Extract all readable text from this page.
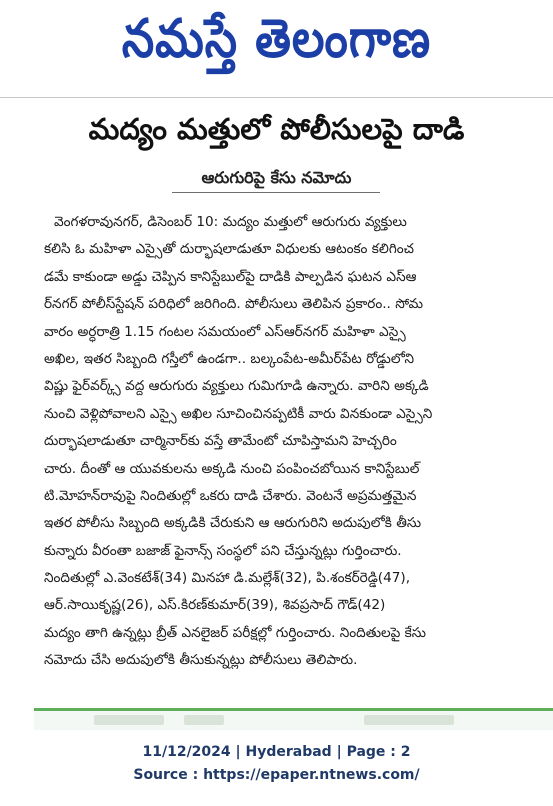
నమస్తే తెలంగాణ
మద్యం మత్తులో పోలీసులపై దాడి
ఆరుగురిపై కేసు నమోదు
వెంగళరావునగర్, డిసెంబర్ 10: మద్యం మత్తులో ఆరుగురు వ్యక్తులు
కలిసి ఓ మహిళా ఎస్సైతో దుర్భాషలాడుతూ విధులకు ఆటంకం కలిగించ
డమే కాకుండా అడ్డు చెప్పిన కానిస్టేబుల్‌పై దాడికి పాల్పడిన ఘటన ఎస్‌ఆ
ర్‌నగర్ పోలీస్‌స్టేషన్ పరిధిలో జరిగింది. పోలీసులు తెలిపిన ప్రకారం.. సోమ
వారం అర్ధరాత్రి 1.15 గంటల సమయంలో ఎస్‌ఆర్‌నగర్ మహిళా ఎస్సై
అఖిల, ఇతర సిబ్బంది గస్తీలో ఉండగా.. బల్కంపేట-అమీర్‌పేట రోడ్డులోని
విష్ణు ఫైర్‌వర్క్స్ వద్ద ఆరుగురు వ్యక్తులు గుమిగూడి ఉన్నారు. వారిని అక్కడి
నుంచి వెళ్లిపోవాలని ఎస్సై అఖిల సూచించినప్పటికీ వారు వినకుండా ఎస్సైని
దుర్భాషలాడుతూ చార్మినార్‌కు వస్తే తామేంటో చూపిస్తామని హెచ్చరిం
చారు. దీంతో ఆ యువకులను అక్కడి నుంచి పంపించబోయిన కానిస్టేబుల్
టి.మోహన్‌రావుపై నిందితుల్లో ఒకరు దాడి చేశారు. వెంటనే అప్రమత్తమైన
ఇతర పోలీసు సిబ్బంది అక్కడికి చేరుకుని ఆ ఆరుగురిని అదుపులోకి తీసు
కున్నారు వీరంతా బజాజ్ ఫైనాన్స్ సంస్థలో పని చేస్తున్నట్లు గుర్తించారు.
నిందితుల్లో ఎ.వెంకటేశ్(34) మినహా డి.మల్లేశ్(32), పి.శంకర్‌రెడ్డి(47),
ఆర్.సాయికృష్ణ(26), ఎస్.కిరణ్‌కుమార్(39), శివప్రసాద్ గౌడ్(42)
మద్యం తాగి ఉన్నట్లు బ్రీత్ ఎనలైజర్ పరీక్షల్లో గుర్తించారు. నిందితులపై కేసు
నమోదు చేసి అదుపులోకి తీసుకున్నట్లు పోలీసులు తెలిపారు.
11/12/2024 | Hyderabad | Page : 2
Source : https://epaper.ntnews.com/
